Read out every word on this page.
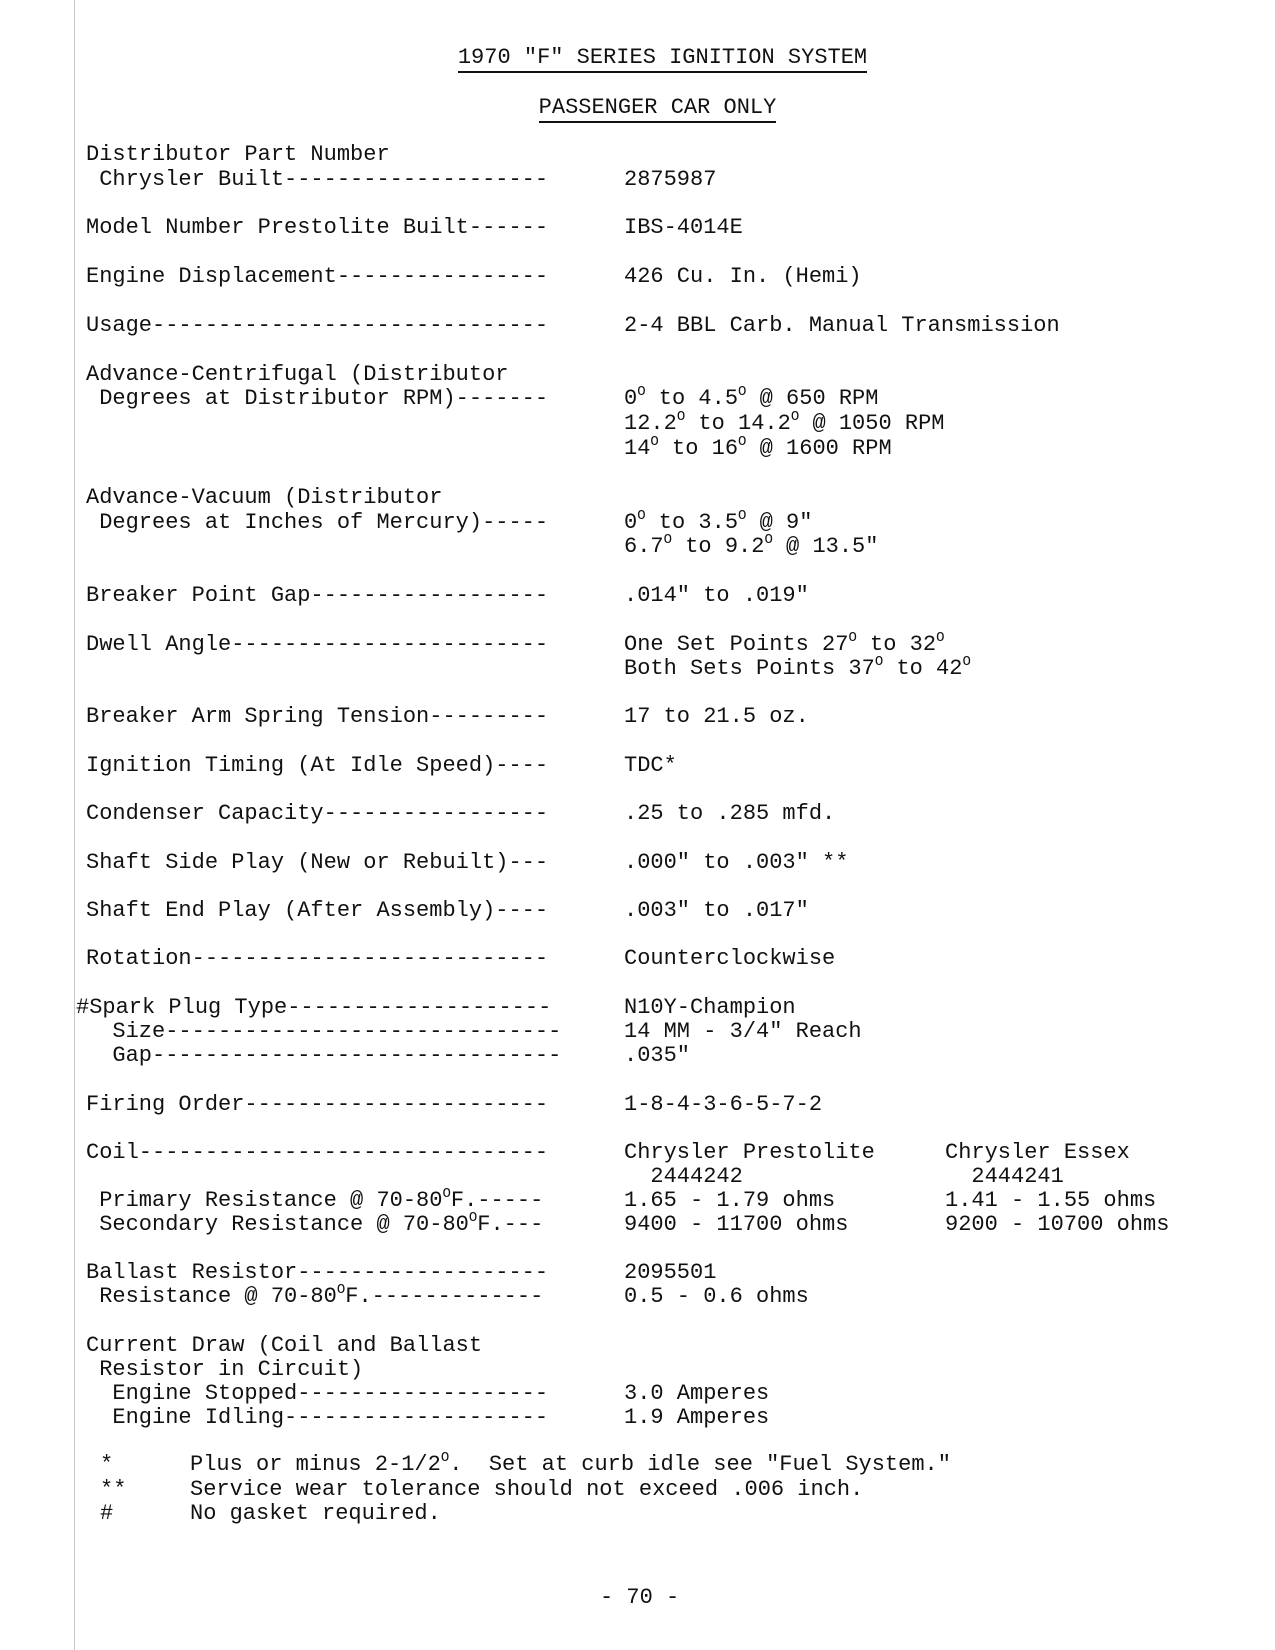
1970 "F" SERIES IGNITION SYSTEM
PASSENGER CAR ONLY
Distributor Part Number
Chrysler Built--------------------	2875987
Model Number Prestolite Built------	IBS-4014E
Engine Displacement----------------	426 Cu. In. (Hemi)
Usage------------------------------	2-4 BBL Carb. Manual Transmission
Advance-Centrifugal (Distributor
Degrees at Distributor RPM)-------	$0^O$ to $4.5^O$ @ 650 RPM
$12.2^O$ to $14.2^O$ @ 1050 RPM
$14^O$ to $16^O$ @ 1600 RPM
Advance-Vacuum (Distributor
Degrees at Inches of Mercury)-----	$0^O$ to $3.5^O$ @ 9"
$6.7^O$ to $9.2^O$ @ 13.5"
Breaker Point Gap------------------	.014" to .019"
Dwell Angle------------------------	One Set Points $27^O$ to $32^O$
Both Sets Points $37^O$ to $42^O$
Breaker Arm Spring Tension---------	17 to 21.5 oz.
Ignition Timing (At Idle Speed)----	TDC*
Condenser Capacity-----------------	.25 to .285 mfd.
Shaft Side Play (New or Rebuilt)---	.000" to .003" **
Shaft End Play (After Assembly)----	.003" to .017"
Rotation---------------------------	Counterclockwise
#Spark Plug Type--------------------	N10Y-Champion
Size------------------------------	14 MM - 3/4" Reach
Gap-------------------------------	.035"
Firing Order-----------------------	1-8-4-3-6-5-7-2
Coil-------------------------------	Chrysler Prestolite	Chrysler Essex
2444242	2444241
Primary Resistance @ $70-80^OF.-----$	1.65 - 1.79 ohms	1.41 - 1.55 ohms
Secondary Resistance @ $70-80^OF.---$	9400 - 11700 ohms	9200 - 10700 ohms
Ballast Resistor-------------------	2095501
Resistance @ $70-80^OF.-------------$	0.5 - 0.6 ohms
Current Draw (Coil and Ballast
Resistor in Circuit)
Engine Stopped-------------------	3.0 Amperes
Engine Idling--------------------	1.9 Amperes
*	Plus or minus $2-1/2^O$.  Set at curb idle see "Fuel System."
**	Service wear tolerance should not exceed .006 inch.
#	No gasket required.
- 70 -
